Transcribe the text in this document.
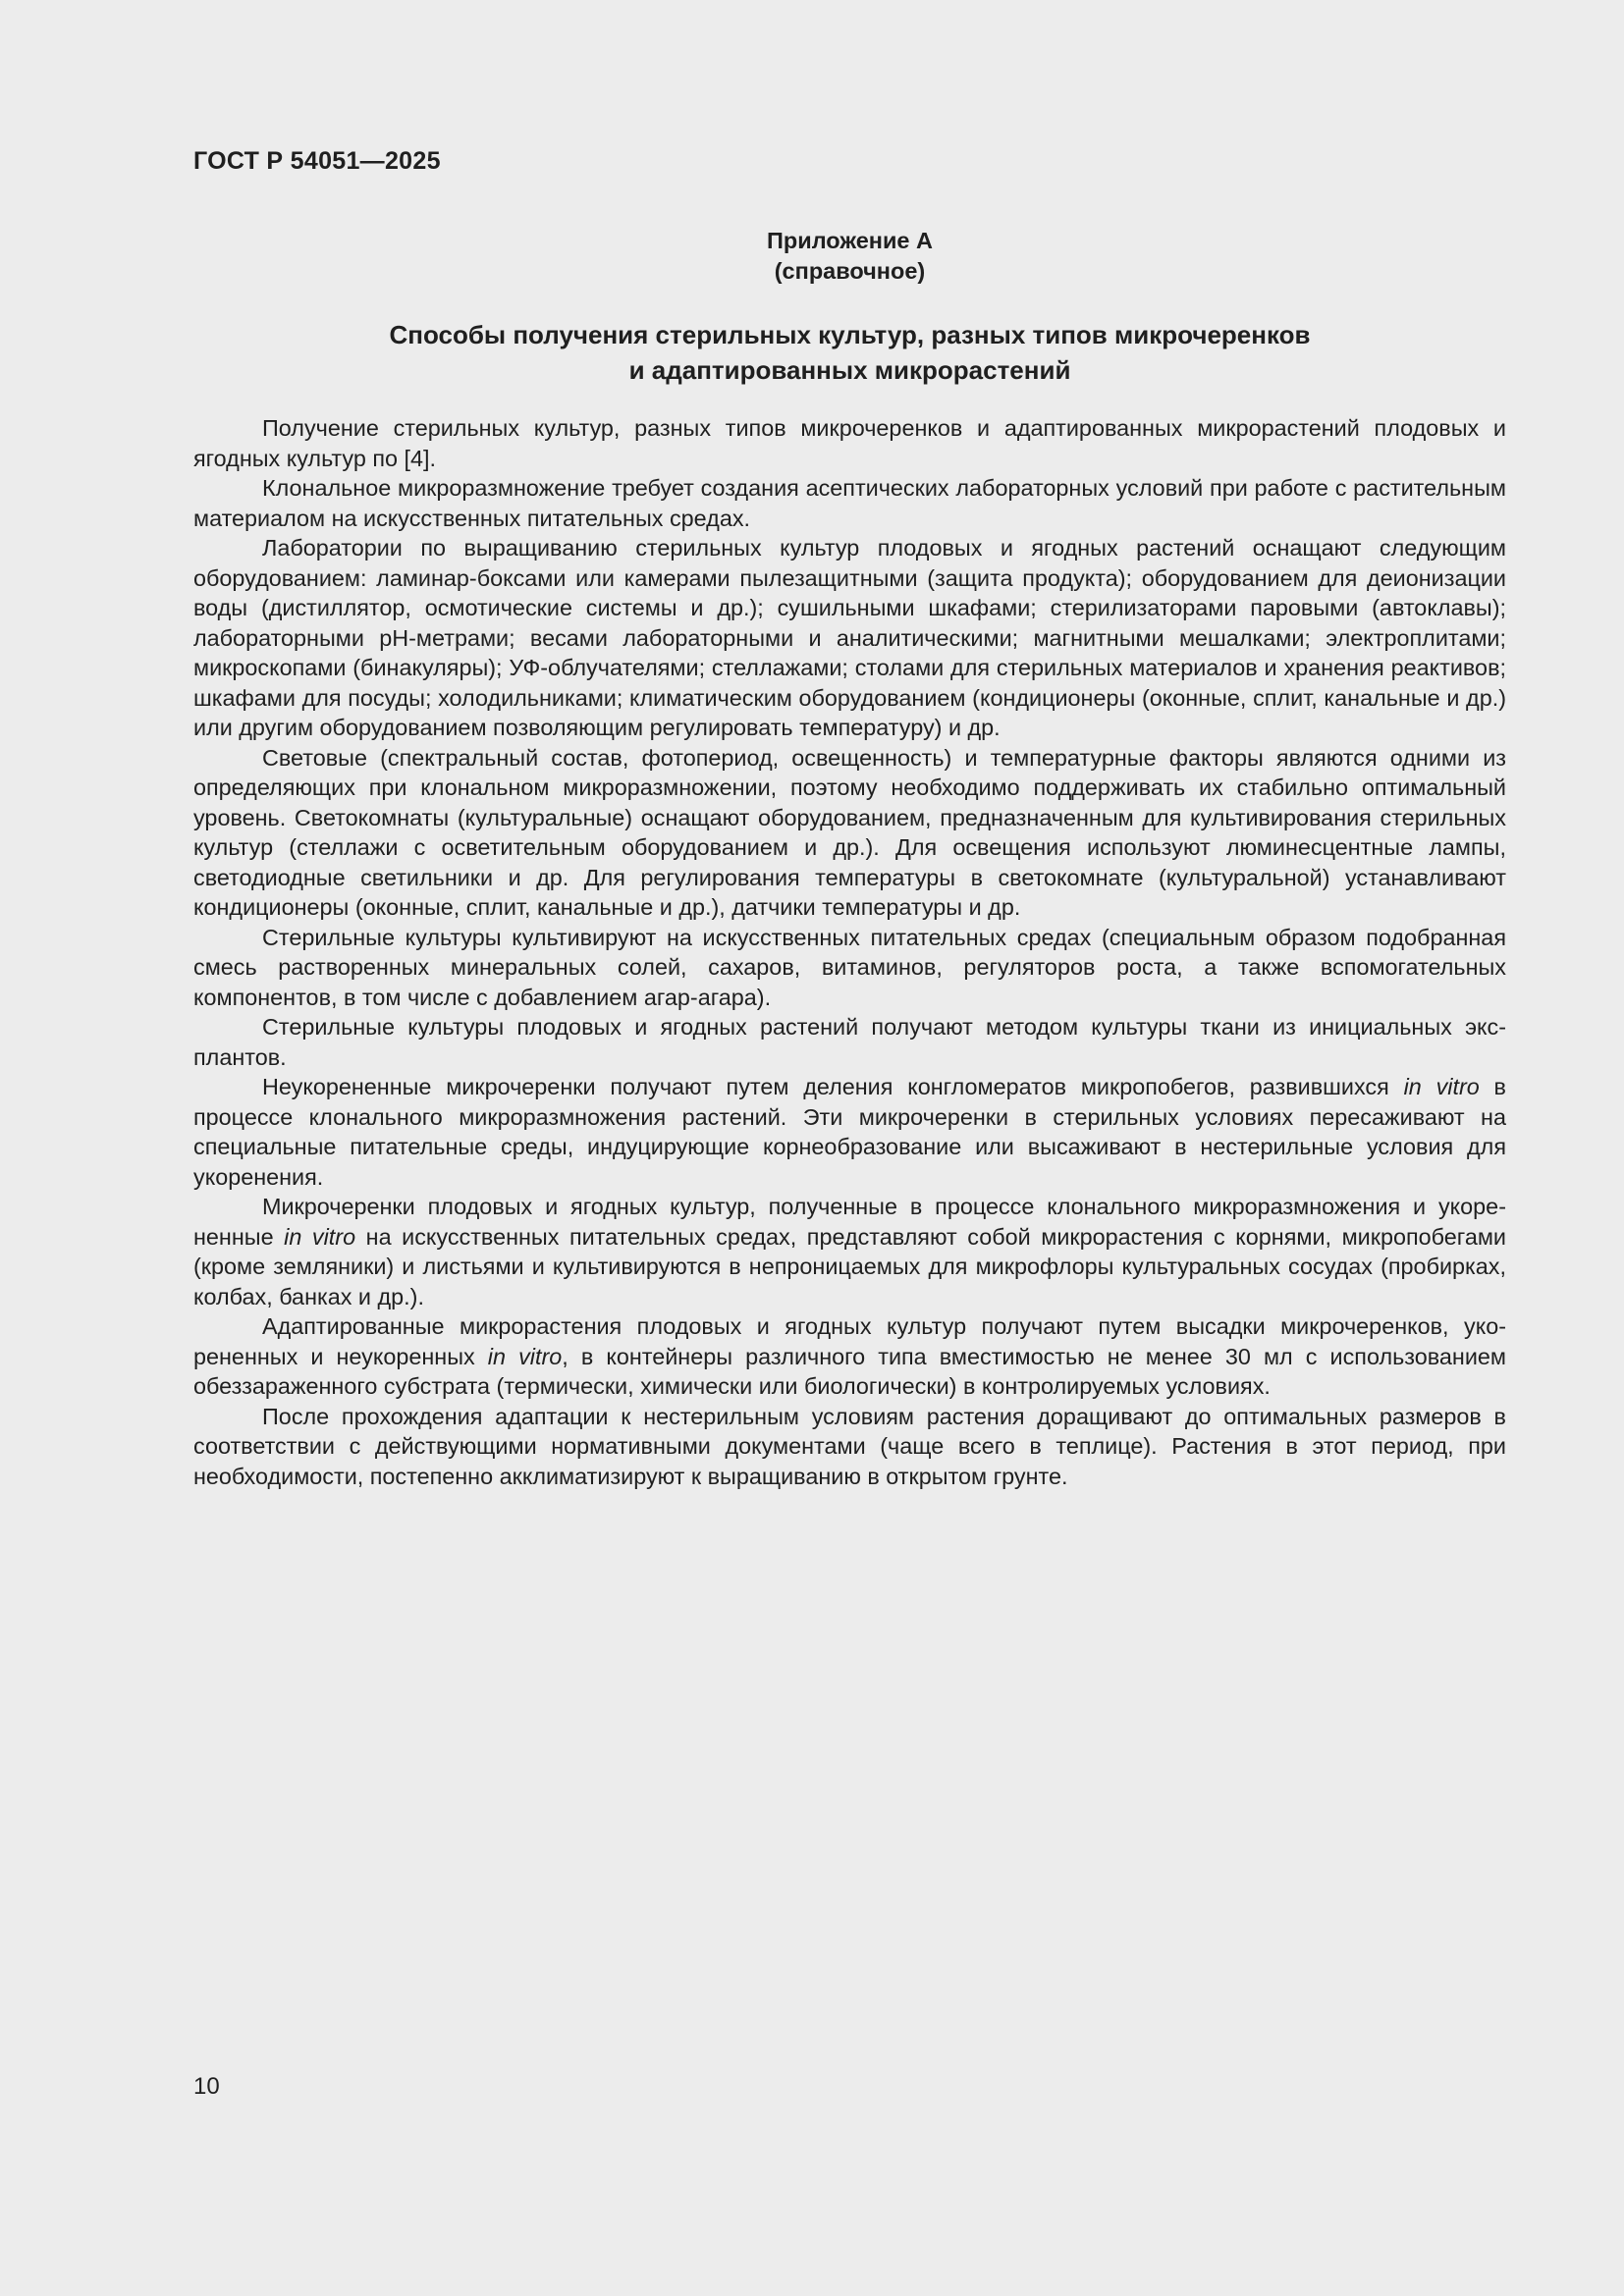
ГОСТ Р 54051—2025
Приложение А
(справочное)
Способы получения стерильных культур, разных типов микрочеренков
и адаптированных микрорастений

Получение стерильных культур, разных типов микрочеренков и адаптированных микрорастений плодовых и ягодных культур по [4].

Клональное микроразмножение требует создания асептических лабораторных условий при работе с растительным материалом на искусственных питательных средах.

Лаборатории по выращиванию стерильных культур плодовых и ягодных растений оснащают следующим оборудованием: ламинар-боксами или камерами пылезащитными (защита продукта); оборудованием для деионизации воды (дистиллятор, осмотические системы и др.); сушильными шкафами; стерилизаторами паровыми (автоклавы); лабораторными pH-метрами; весами лабораторными и аналитическими; магнитными мешалками; электроплитами; микроскопами (бинакуляры); УФ-облучателями; стеллажами; столами для стерильных материалов и хранения реактивов; шкафами для посуды; холодильниками; климатическим оборудованием (кондиционеры (оконные, сплит, канальные и др.) или другим оборудованием позволяющим регулировать температуру) и др.

Световые (спектральный состав, фотопериод, освещенность) и температурные факторы являются одними из определяющих при клональном микроразмножении, поэтому необходимо поддерживать их стабильно оптимальный уровень. Светокомнаты (культуральные) оснащают оборудованием, предназначенным для культивирования стерильных культур (стеллажи с осветительным оборудованием и др.). Для освещения используют люминесцентные лампы, светодиодные светильники и др. Для регулирования температуры в светокомнате (культуральной) устанавливают кондиционеры (оконные, сплит, канальные и др.), датчики температуры и др.

Стерильные культуры культивируют на искусственных питательных средах (специальным образом подобранная смесь растворенных минеральных солей, сахаров, витаминов, регуляторов роста, а также вспомогательных компонентов, в том числе с добавлением агар-агара).

Стерильные культуры плодовых и ягодных растений получают методом культуры ткани из инициальных эксплантов.

Неукорененные микрочеренки получают путем деления конгломератов микропобегов, развившихся in vitro в процессе клонального микроразмножения растений. Эти микрочеренки в стерильных условиях пересаживают на специальные питательные среды, индуцирующие корнеобразование или высаживают в нестерильные условия для укоренения.

Микрочеренки плодовых и ягодных культур, полученные в процессе клонального микроразмножения и укорененные in vitro на искусственных питательных средах, представляют собой микрорастения с корнями, микропобегами (кроме земляники) и листьями и культивируются в непроницаемых для микрофлоры культуральных сосудах (пробирках, колбах, банках и др.).

Адаптированные микрорастения плодовых и ягодных культур получают путем высадки микрочеренков, укорененных и неукоренных in vitro, в контейнеры различного типа вместимостью не менее 30 мл с использованием обеззараженного субстрата (термически, химически или биологически) в контролируемых условиях.

После прохождения адаптации к нестерильным условиям растения доращивают до оптимальных размеров в соответствии с действующими нормативными документами (чаще всего в теплице). Растения в этот период, при необходимости, постепенно акклиматизируют к выращиванию в открытом грунте.

10
